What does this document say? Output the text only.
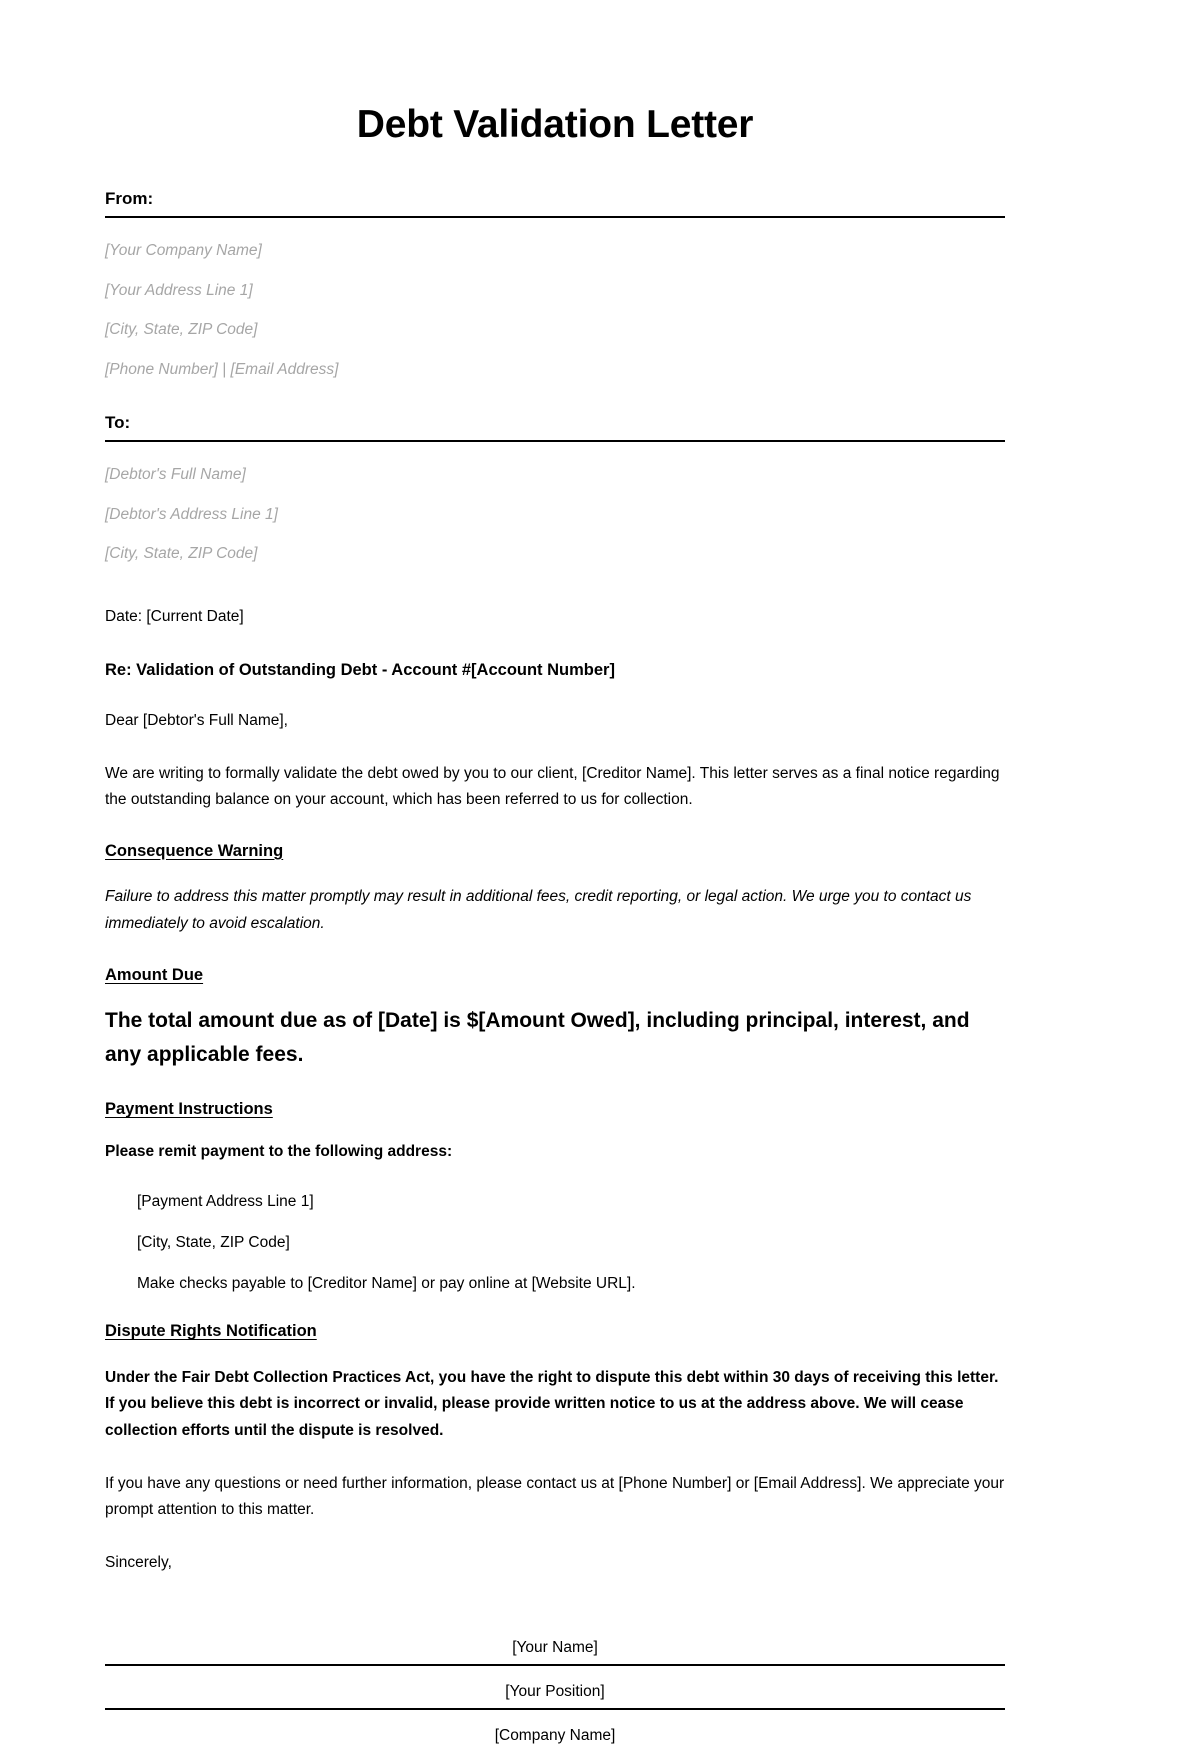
Debt Validation Letter
From:

[Your Company Name]

[Your Address Line 1]

[City, State, ZIP Code]

[Phone Number] | [Email Address]

To:

[Debtor's Full Name]

[Debtor's Address Line 1]

[City, State, ZIP Code]

Date: [Current Date]

Re: Validation of Outstanding Debt - Account #[Account Number]

Dear [Debtor's Full Name],

We are writing to formally validate the debt owed by you to our client, [Creditor Name]. This letter serves as a final notice regarding the outstanding balance on your account, which has been referred to us for collection.

Consequence Warning

Failure to address this matter promptly may result in additional fees, credit reporting, or legal action. We urge you to contact us immediately to avoid escalation.

Amount Due

The total amount due as of [Date] is $[Amount Owed], including principal, interest, and any applicable fees.

Payment Instructions

Please remit payment to the following address:

[Payment Address Line 1]

[City, State, ZIP Code]

Make checks payable to [Creditor Name] or pay online at [Website URL].

Dispute Rights Notification

Under the Fair Debt Collection Practices Act, you have the right to dispute this debt within 30 days of receiving this letter. If you believe this debt is incorrect or invalid, please provide written notice to us at the address above. We will cease collection efforts until the dispute is resolved.

If you have any questions or need further information, please contact us at [Phone Number] or [Email Address]. We appreciate your prompt attention to this matter.

Sincerely,

[Your Name]

[Your Position]

[Company Name]
